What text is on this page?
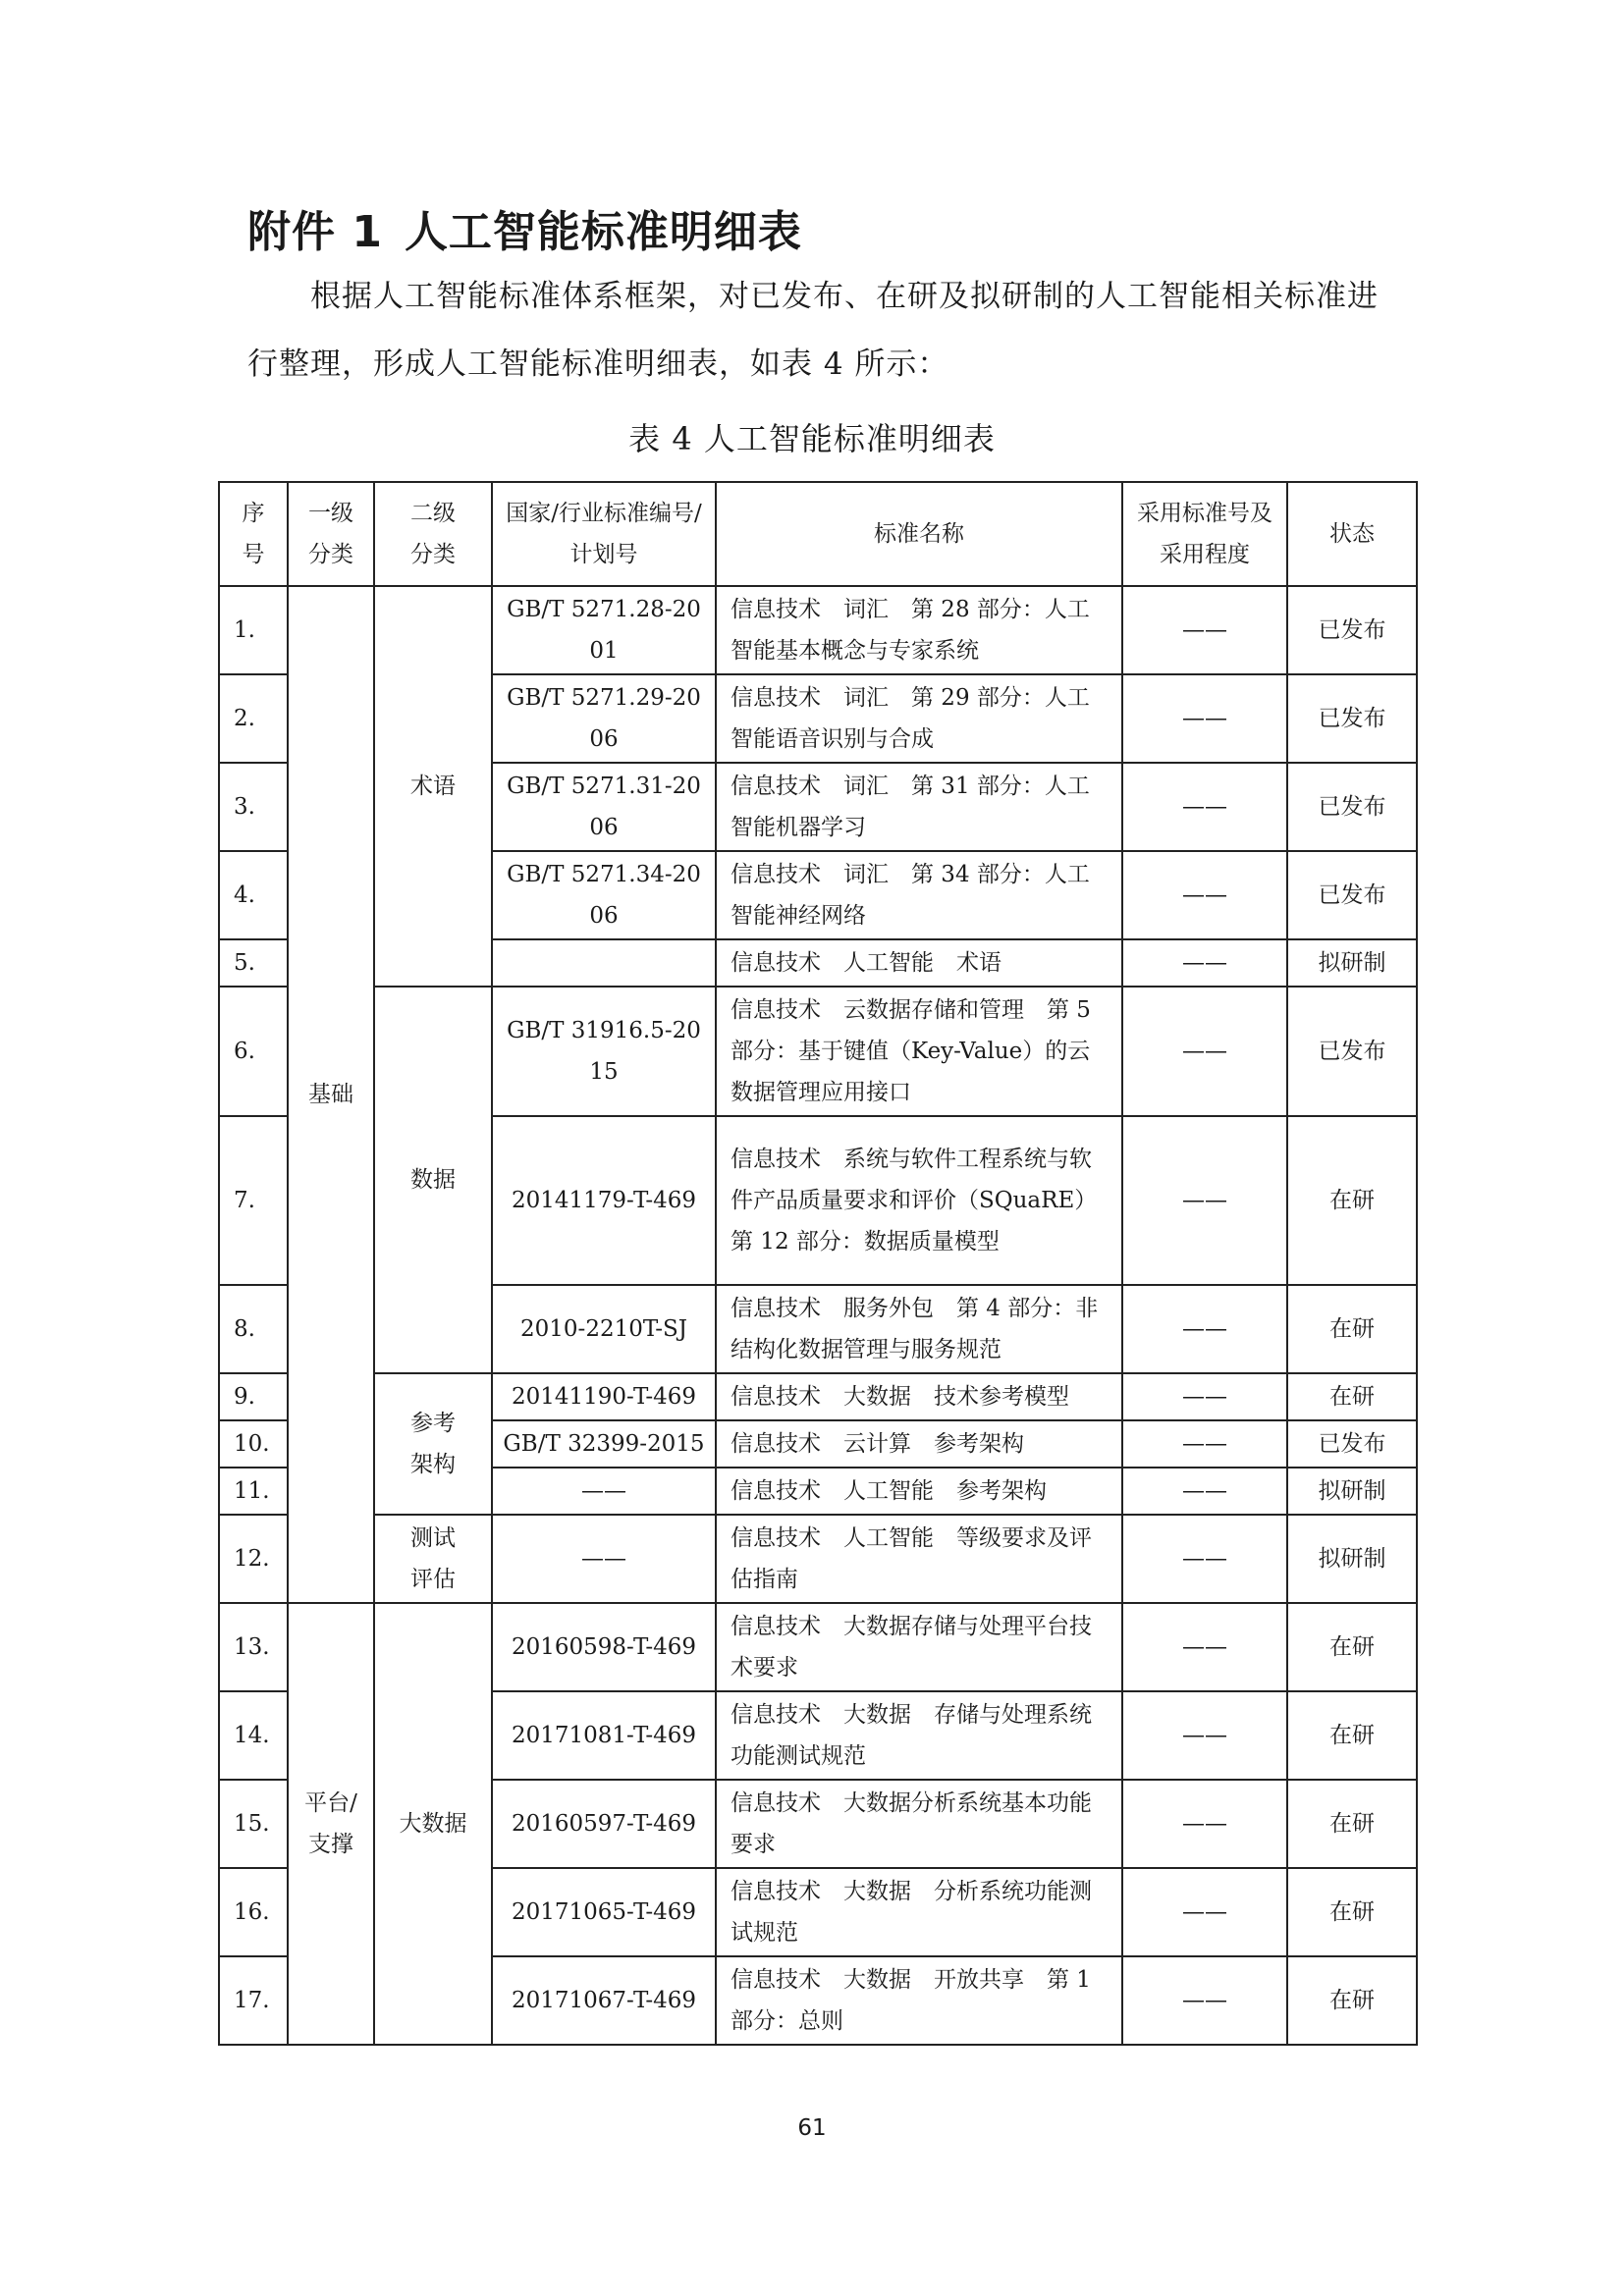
附件 1 人工智能标准明细表
根据人工智能标准体系框架，对已发布、在研及拟研制的人工智能相关标准进行整理，形成人工智能标准明细表，如表 4 所示：
表 4 人工智能标准明细表
序号	一级分类	二级分类	国家/行业标准编号/计划号	标准名称	采用标准号及采用程度	状态
1.	基础	术语	GB/T 5271.28-2001	信息技术　词汇　第 28 部分：人工智能基本概念与专家系统	——	已发布
2.			GB/T 5271.29-2006	信息技术　词汇　第 29 部分：人工智能语音识别与合成	——	已发布
3.			GB/T 5271.31-2006	信息技术　词汇　第 31 部分：人工智能机器学习	——	已发布
4.			GB/T 5271.34-2006	信息技术　词汇　第 34 部分：人工智能神经网络	——	已发布
5.				信息技术　人工智能　术语	——	拟研制
6.		数据	GB/T 31916.5-2015	信息技术　云数据存储和管理　第 5 部分：基于键值（Key-Value）的云数据管理应用接口	——	已发布
7.			20141179-T-469	信息技术　系统与软件工程系统与软件产品质量要求和评价（SQuaRE）　第 12 部分：数据质量模型	——	在研
8.			2010-2210T-SJ	信息技术　服务外包　第 4 部分：非结构化数据管理与服务规范	——	在研
9.		参考架构	20141190-T-469	信息技术　大数据　技术参考模型	——	在研
10.			GB/T 32399-2015	信息技术　云计算　参考架构	——	已发布
11.			——	信息技术　人工智能　参考架构	——	拟研制
12.		测试评估	——	信息技术　人工智能　等级要求及评估指南	——	拟研制
13.	平台/支撑	大数据	20160598-T-469	信息技术　大数据存储与处理平台技术要求	——	在研
14.			20171081-T-469	信息技术　大数据　存储与处理系统功能测试规范	——	在研
15.			20160597-T-469	信息技术　大数据分析系统基本功能要求	——	在研
16.			20171065-T-469	信息技术　大数据　分析系统功能测试规范	——	在研
17.			20171067-T-469	信息技术　大数据　开放共享　第 1 部分：总则	——	在研
61
